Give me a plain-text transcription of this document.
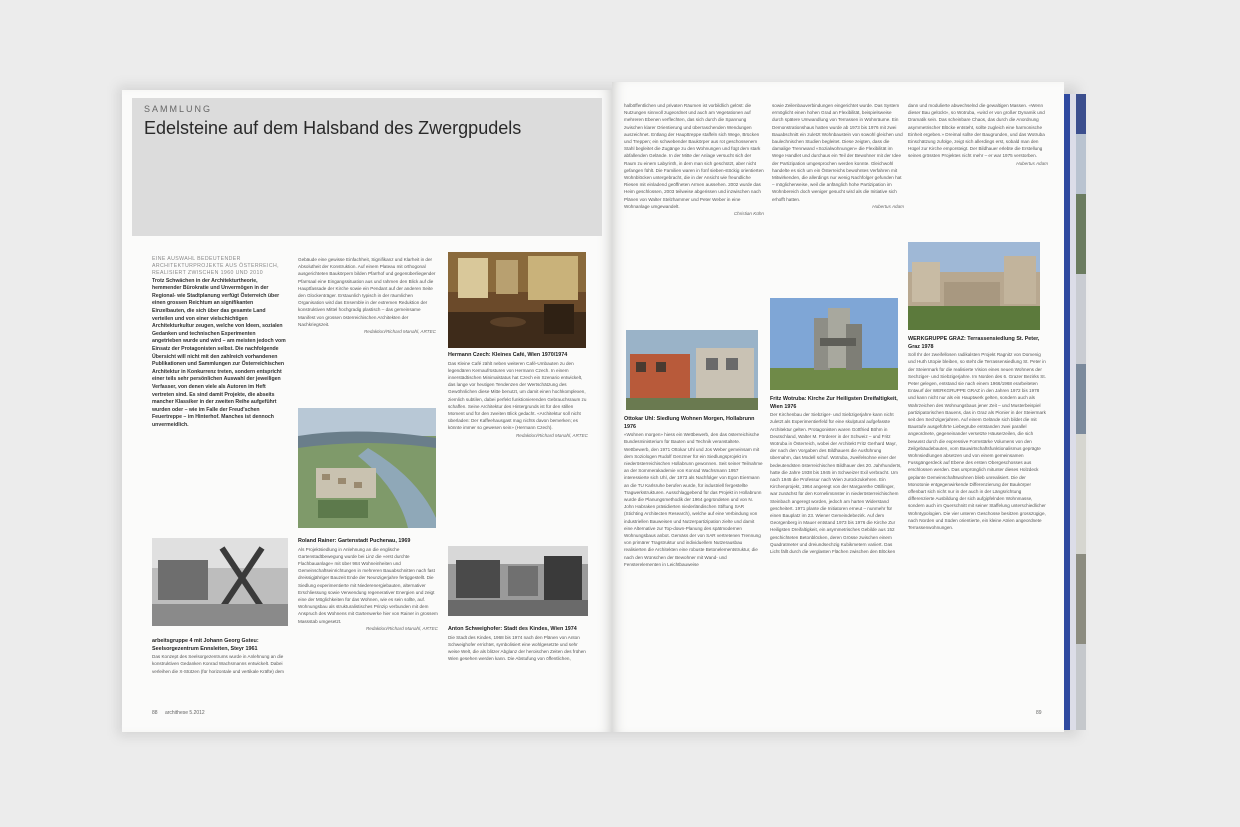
SAMMLUNG
Edelsteine auf dem Halsband des Zwergpudels
EINE AUSWAHL BEDEUTENDER ARCHITEKTURPROJEKTE AUS ÖSTERREICH, REALISIERT ZWISCHEN 1960 UND 2010
Trotz Schwächen in der Architekturtheorie, hemmender Bürokratie und Unvermögen in der Regional- wie Stadtplanung verfügt Österreich über einen grossen Reichtum an signifikanten Einzelbauten, die sich über das gesamte Land verteilen und von einer vielschichtigen Architekturkultur zeugen, welche von Ideen, sozialen Gedanken und technischen Experimenten angetrieben wurde und wird – am meisten jedoch vom Einsatz der Protagonisten selbst. Die nachfolgende Übersicht will nicht mit den zahlreich vorhandenen Publikationen und Sammlungen zur Österreichischen Architektur in Konkurrenz treten, sondern entspricht einer teils sehr persönlichen Auswahl der jeweiligen Verfasser, von denen viele als Autoren im Heft vertreten sind. Es sind damit Projekte, die abseits mancher Klassiker in der zweiten Reihe aufgeführt wurden oder – wie im Falle der Freud'schen Feuertreppe – im Hinterhof. Manches ist dennoch unvermeidlich.
Gebäude eine gewisse Einfachheit, Signifikanz und Klarheit in der Absolutheit der Konstruktion. Auf einem Plateau mit orthogonal ausgerichteten Baukörpern bilden Pfarrhof und gegenüberliegender Pfarrsaal eine Eingangssituation aus und rahmen den Blick auf die Hauptfassade der Kirche sowie ein Pendant auf der anderen Seite den Glockenträger. Erstaunlich typisch in der räumlichen Organisation wird das Ensemble in der extremen Reduktion der konstruktiven Mittel hochgradig plastisch – das gemeinsame Manifest von grossen österreichischen Architekten der Nachkriegszeit.
Redaktion/Richard Manahl, ARTEC
Hermann Czech: Kleines Café, Wien 1970/1974
Das Kleine Café zählt neben weiteren Café-Umbauten zu den legendären Kernaufrüsturen von Hermann Czech. In einem innerstädtischen Minimalstatus hat Czech ein Szenario entwickelt, das lange vor heutigen Tendenzen der Wertschätzung des Gewöhnlichen diese Mitte benutzt, um damit einen hochkomplexen, ziemlich subtilen, dabei perfekt funktionierenden Gebrauchsraum zu schaffen. Seine Architektur des Hintergrunds ist für den stillen Moment und für den zweiten Blick gedacht. «Architektur soll nicht überladen: Der Kaffeehausgast mag nichts davon bemerken; es könnte immer so gewesen sein» (Hermann Czech).
Redaktion/Richard Manahl, ARTEC
Roland Rainer: Gartenstadt Puchenau, 1969
Als Projektsiedlung in Anlehnung an die englische Gartenstadtbewegung wurde bei Linz die «erst durchte Flachbauanlage» mit über 984 Wohneinheiten und Gemeinschaftseinrichtungen in mehreren Bauabschnitten nach fast dreissigjähriger Bauzeit Ende der Neunzigerjahre fertiggestellt. Die Siedlung experimentierte mit Niederenergiebauten, alternativer Erschliessung sowie Verwendung regenerativer Energien und zeigt eine der Möglichkeiten für das Wohnen, wie es sein sollte, auf. Wohnungsbau als strukturalistisches Prinzip verbunden mit dem Anspruch des Wohnens mit Gartenwerke hier von Rainer in grossem Massstab umgesetzt.
Redaktion/Richard Manahl, ARTEC
arbeitsgruppe 4 mit Johann Georg Gsteu: Seelsorgezentrum Ennsleiten, Steyr 1961
Das Konzept des Seelsorgezentrums wurde in Anlehnung an die konstruktiven Gedanken Konrad Wachsmanns entwickelt. Dabei verleihen die X-Stützen (für horizontale und vertikale Kräfte) dem
Anton Schweighofer: Stadt des Kindes, Wien 1974
Die Stadt des Kindes, 1968 bis 1974 nach den Plänen von Anton Schweighofer errichtet, symbolisiert eine wohlgesetzte und sehr weise Welt, die als blitzer Abglanz der heroischen Zeiten des frühen Wien gesehen werden kann. Die Abstufung von öffentlichen,
88 archithese 5.2012
halböffentlichen und privaten Räumen ist vorbildlich gelöst: die Nutzungen sinnvoll zugeordnet und auch am Vegetationen auf mehreren Ebenen verflechten, das sich durch die Spannung zwischen klarer Orientierung und überraschenden Wendungen auszeichnet. Entlang der Haupttreppe staffeln sich Wege, Brücken und Treppen; ein schwebender Baukörper aus rot geschossenem Stahl begleitet die Zugänge zu den Wohnungen und fügt dem stark abfallenden Gelände. In der Mitte der Anlage versucht sich der Raum zu einem Labyrinth, in dem man sich geschützt, aber nicht gefangen fühlt. Die Familien waren in fünf sieben-stöckig orientierten Wohnblöcken untergebracht, die in der Ansicht wie freundliche Riesen mit einladend geöffneten Armen aussehen. 2002 wurde das Heim geschlossen, 2003 teilweise abgerissen und inzwischen nach Plänen von Walter Stelzhammer und Peter Weber in eine Wohnanlage umgewandelt.
Christian Kühn
sowie Zeilenbauverbindungen eingerichtet wurde. Das System ermöglicht einen hohen Grad an Flexibilität, beispielsweise durch spätere Umwandlung von Terrassen in Wohnräume. Ein Demonstrationshaus hatten wurde ab 1973 bis 1976 mit zwei Bauabschnitt ein zuletzt Wohnbaustein von sowohl gleichen und baulechnischen Studien begleitet. Diese zeigten, dass die damalige Trennwand «Sozialwohnungen» die Flexibilität im Wege Handlet und durchaus ein Teil der Bewohner mit der Idee der Partizipation umgesprochen werden konnte. Gleichwohl handelte es sich um ein Österreichs bewohntes Verfahren mit Mitwirkenden, die allerdings nur wenig Nachfolger gefunden hat – möglicherweise, weil die anfänglich hohe Partizipation im Wohnbereich doch weniger gesucht wird als die Initiative sich erhofft hatten.
Hubertus Adam
dann und modulierte abwechselnd die gewaltigen Massen. «Wenn dieser Bau gelückt», so Wotruba, «wird er von großer Dynamik und Dramatik sein. Das scheinbare Chaos, das durch die Anordnung asymmetrischer Blöcke entsteht, sollte zugleich eine harmonische Einheit ergeben.» Dreimal sollte der Baugrunden, und das Wotruba Einschätzung zufolge, zeigt sich allerdings erst, sobald man den Hügel zur Kirche emporsteigt. Der Bildhauer erlebte die Erstellung seines grössten Projektes nicht mehr – er war 1975 verstorben.
Hubertus Adam
Ottokar Uhl: Siedlung Wohnen Morgen, Hollabrunn 1976
«Wohnen morgen» hiess ein Wettbewerb, den das österreichische Bundesministerium für Bauten und Technik veranstaltete. Wettbewerb, den 1971 Ottokar Uhl und Jos Weber gemeinsam mit dem Soziologen Rudolf Genzmer für ein Siedlungsprojekt im niederösterreichischen Hollabrunn gewonnen. Seit seiner Teilnahme an der Sommerakademie von Konrad Wachsmann 1957 interessierte sich Uhl, der 1973 als Nachfolger von Egon Eiermann an die TU Karlsruhe berufen wurde, für industriell fergestellte Tragwerkstrukturen. Ausschlaggebend für das Projekt in Hollabrunn wurde die Planungsmethodik der 1964 gegründeten und von N. John Habraken präsidierten niederländischen Stiftung SAR (Stichting Architecten Research), welche auf eine Verbindung von industriellen Bauweisen und Nutzerpartizipation zielte und damit eine Alternative zur Top-down-Planung des spätmodernen Wohnungsbaus anbot. Gemäss der von SAR vertretenen Trennung von primärer Tragstruktur und individuellem Nutzerausbau realisierten die Architekten eine robuste Betonelementstruktur, die nach den Wünschen der Bewohner mit Wand- und Fensterelementen in Leichtbauweise
Fritz Wotruba: Kirche Zur Heiligsten Dreifaltigkeit, Wien 1976
Der Kirchenbau der Siebziger- und Siebzigerjahre kann nicht zuletzt als Experimentierfeld für eine skulptural aufgefasste Architektur gelten. Protagonisten waren Gottfried Böhm in Deutschland, Walter M. Förderer in der Schweiz – und Fritz Wotruba in Österreich, wobei der Architekt Fritz Gerhard Mayr, der nach den Vorgaben des Bildhauers die Ausführung übernahm, das Modell schuf. Wotruba, zweifelsohne einer der bedeutendsten österreichischen Bildhauer des 20. Jahrhunderts, hatte die Jahre 1938 bis 1945 im Schweizer Exil verbracht. Um nach 1945 die Professur nach Wien zurückzukehren. Ein Kirchenprojekt, 1964 angeregt von der Margarethe Ottillinger, war zunächst für den Kornelimünster in niederösterreichischem Steinbach angeregt worden, jedoch am harten Widerstand gescheitert. 1971 plante die Initiatoren erneut – nunmehr für einen Bauplatz im 23. Wiener Gemeindebezirk. Auf dem Georgenberg in Mauer entstand 1973 bis 1976 die Kirche Zur Heiligsten Dreifaltigkeit, ein asymmetrisches Gebilde aus 152 geschichteten Betonblöcken, deren Grösse zwischen einem Quadratmeter und dreiundsechzig Kubikmetern variiert. Das Licht fällt durch die verglasten Flächen zwischen den Blöcken
WERKGRUPPE GRAZ: Terrassensiedlung St. Peter, Graz 1978
Soll Ihr der zweifellosen radikalsten Projekt Ragnitz von Domenig und Huth Utopie bleiben, so steht die Terrassensiedlung St. Peter in der Steiermark für die realisierte Vision eines neuen Wohnens der Sechziger- und Siebzigerjahre. Im Norden des 6. Grazer Bezirks St. Peter gelegen, entstand sie nach einem 1966/1968 erarbeiteten Entwurf der WERKGRUPPE GRAZ in den Jahren 1972 bis 1978 und kann nicht nur als ein Hauptwerk gelten, sondern auch als Wahrzeichen des Wohnungsbaus jener Zeit – und Musterbeispiel partizipatorischen Bauens, das in Graz als Pionier in der Steiermark seit den Sechzigerjahren. Auf einem Gelände sich bildet die mit Baustufe ausgeführte Liebegrube entstanden zwei parallel angeordnete, gegeneinander versetzte Häuserzeilen, die sich bewusst durch die expressive Formstärke Volumens von den Zeilgebäudebauten, vom Bauwirtschaftsfunktionalismus geprägte Wohnsiedlungen absetzen und von einem gemeinsamen Fussgängerdeck auf Ebene des ersten Obergeschosses aus erschlossen werden. Das ursprünglich mitunter dieses Holzdeck geplante Gemeinschaftswohnen blieb unrealisiert. Die der Monotonie entgegenwirkende Differenzierung der Baukörper offenbart sich nicht nur in der auch in der Längsrichtung differenzierte Ausbildung der sich aufgipfelnden Wohnmasse, sondern auch im Querschnitt mit seiner Staffelung unterschiedlicher Wohntypologien. Die vier unteren Geschosse besitzen grosszügige, nach Norden und Süden orientierte, ein kleine Atrien angeordnete Terrassenwohnungen.
89
